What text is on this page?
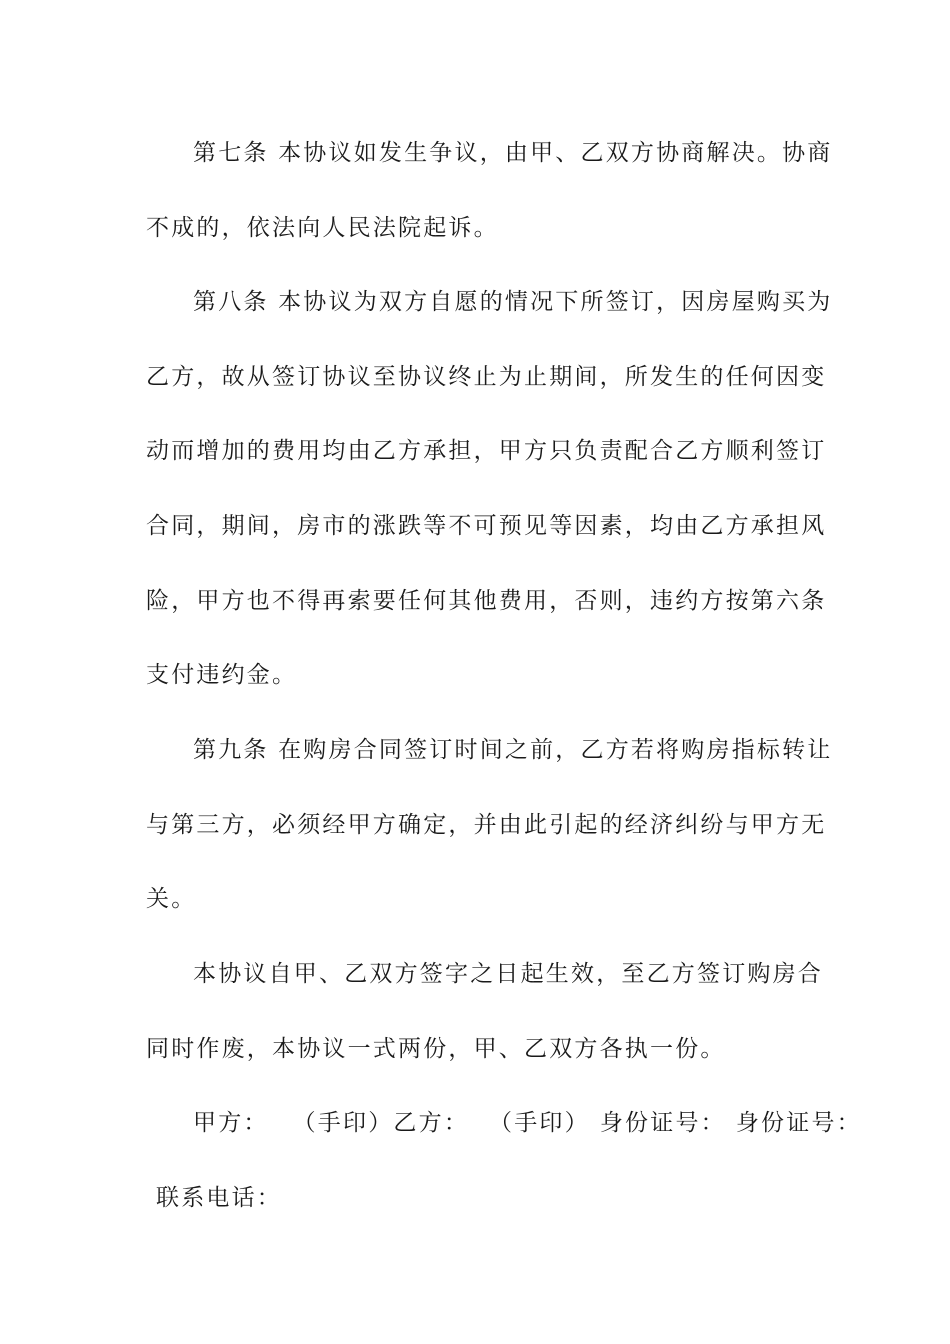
第七条 本协议如发生争议，由甲、乙双方协商解决。协商
不成的，依法向人民法院起诉。
第八条 本协议为双方自愿的情况下所签订，因房屋购买为
乙方，故从签订协议至协议终止为止期间，所发生的任何因变
动而增加的费用均由乙方承担，甲方只负责配合乙方顺利签订
合同，期间，房市的涨跌等不可预见等因素，均由乙方承担风
险，甲方也不得再索要任何其他费用，否则，违约方按第六条
支付违约金。
第九条 在购房合同签订时间之前，乙方若将购房指标转让
与第三方，必须经甲方确定，并由此引起的经济纠纷与甲方无
关。
本协议自甲、乙双方签字之日起生效，至乙方签订购房合
同时作废，本协议一式两份，甲、乙双方各执一份。
甲方： （手印）乙方： （手印） 身份证号： 身份证号：
联系电话：
